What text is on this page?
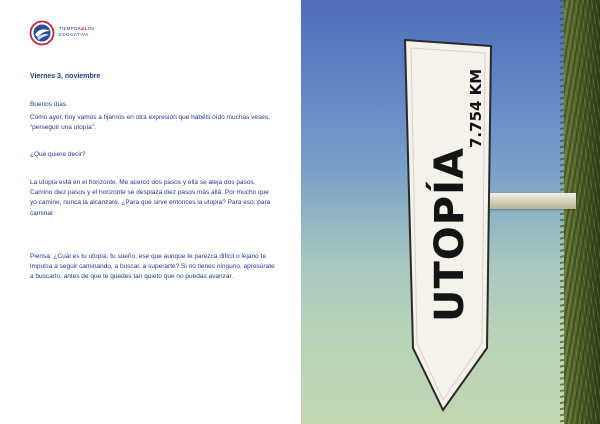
TIEMPOA&LOS
EDUCATIVA
Viernes 3, noviembre

Buenos días.

Como ayer, hoy vamos a fijarnos en otra expresión que habéis oído muchas veses, “perseguir una utopía”.

¿Qué quiere decir?

La utopía está en el horizonte. Me acerco dos pasos y ella se aleja dos pasos. Camino diez pasos y el horizonte se desplaza diez pasos más allá. Por mucho que yo camine, nunca la alcanzaré. ¿Para qué sirve entonces la utopía? Para eso: para caminar.

Piensa: ¿Cuál es tu utopía, tu sueño, ese que aunque te parezca difícil o lejano te impulsa a seguir caminando, a buscar, a superarte? Si no tienes ninguno, apresúrate a buscarlo, antes de que te quedes tan quieto que no puedas avanzar.	UTOPÍA
7.754 KM
